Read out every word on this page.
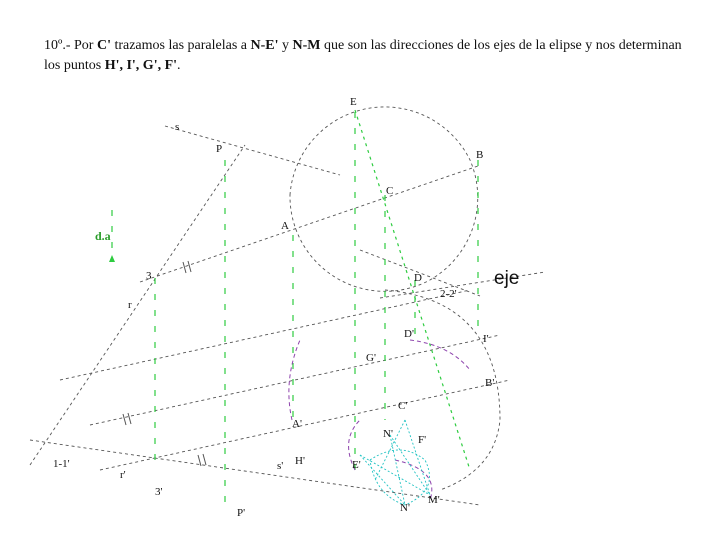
10º.- Por C' trazamos las paralelas a N-E' y N-M que son las direcciones de los ejes de la elipse y nos determinan los puntos H', I', G', F'.
E
s
P	B
C
A
d.a
3	D
2-2'
eje
r
D'	I'
G'
B'
C'
A'
N' F'
1-1'
r'
H'
s'	E'
3'
P'	N'
M'
